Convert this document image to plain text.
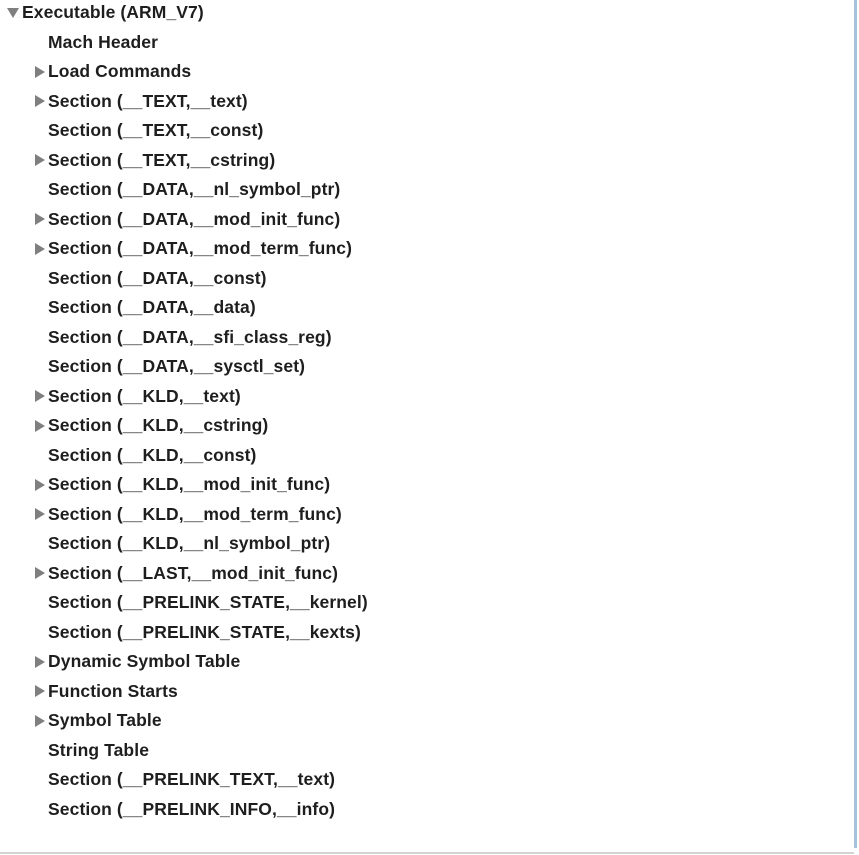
Executable (ARM_V7)
Mach Header
Load Commands
Section (__TEXT,__text)
Section (__TEXT,__const)
Section (__TEXT,__cstring)
Section (__DATA,__nl_symbol_ptr)
Section (__DATA,__mod_init_func)
Section (__DATA,__mod_term_func)
Section (__DATA,__const)
Section (__DATA,__data)
Section (__DATA,__sfi_class_reg)
Section (__DATA,__sysctl_set)
Section (__KLD,__text)
Section (__KLD,__cstring)
Section (__KLD,__const)
Section (__KLD,__mod_init_func)
Section (__KLD,__mod_term_func)
Section (__KLD,__nl_symbol_ptr)
Section (__LAST,__mod_init_func)
Section (__PRELINK_STATE,__kernel)
Section (__PRELINK_STATE,__kexts)
Dynamic Symbol Table
Function Starts
Symbol Table
String Table
Section (__PRELINK_TEXT,__text)
Section (__PRELINK_INFO,__info)
